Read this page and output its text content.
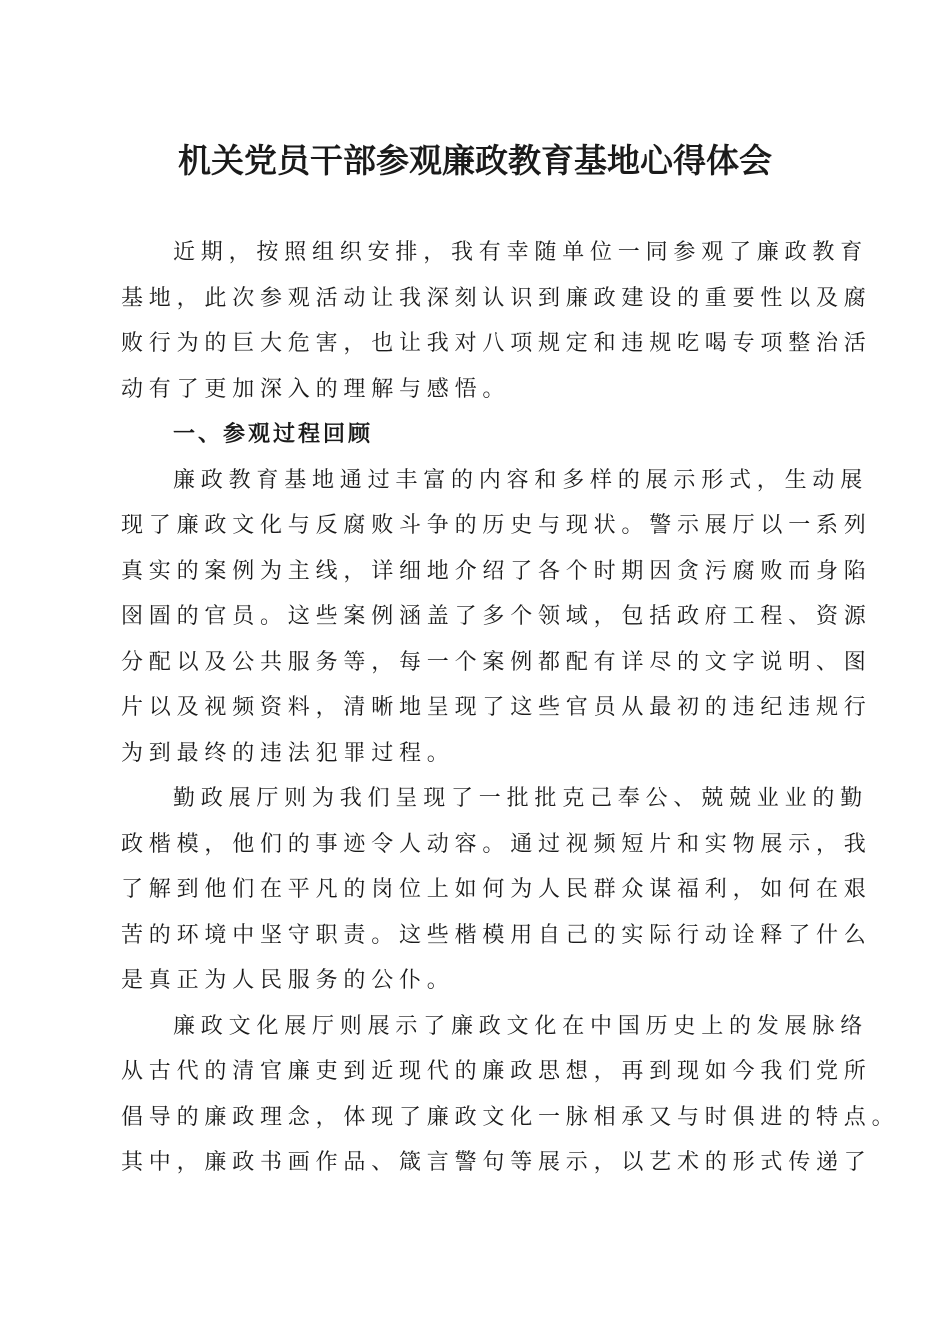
机关党员干部参观廉政教育基地心得体会
近期，按照组织安排，我有幸随单位一同参观了廉政教育
基地，此次参观活动让我深刻认识到廉政建设的重要性以及腐
败行为的巨大危害，也让我对八项规定和违规吃喝专项整治活
动有了更加深入的理解与感悟。
一、参观过程回顾
廉政教育基地通过丰富的内容和多样的展示形式，生动展
现了廉政文化与反腐败斗争的历史与现状。警示展厅以一系列
真实的案例为主线，详细地介绍了各个时期因贪污腐败而身陷
囹圄的官员。这些案例涵盖了多个领域，包括政府工程、资源
分配以及公共服务等，每一个案例都配有详尽的文字说明、图
片以及视频资料，清晰地呈现了这些官员从最初的违纪违规行
为到最终的违法犯罪过程。
勤政展厅则为我们呈现了一批批克己奉公、兢兢业业的勤
政楷模，他们的事迹令人动容。通过视频短片和实物展示，我
了解到他们在平凡的岗位上如何为人民群众谋福利，如何在艰
苦的环境中坚守职责。这些楷模用自己的实际行动诠释了什么
是真正为人民服务的公仆。
廉政文化展厅则展示了廉政文化在中国历史上的发展脉络
从古代的清官廉吏到近现代的廉政思想，再到现如今我们党所
倡导的廉政理念，体现了廉政文化一脉相承又与时俱进的特点。
其中，廉政书画作品、箴言警句等展示，以艺术的形式传递了
